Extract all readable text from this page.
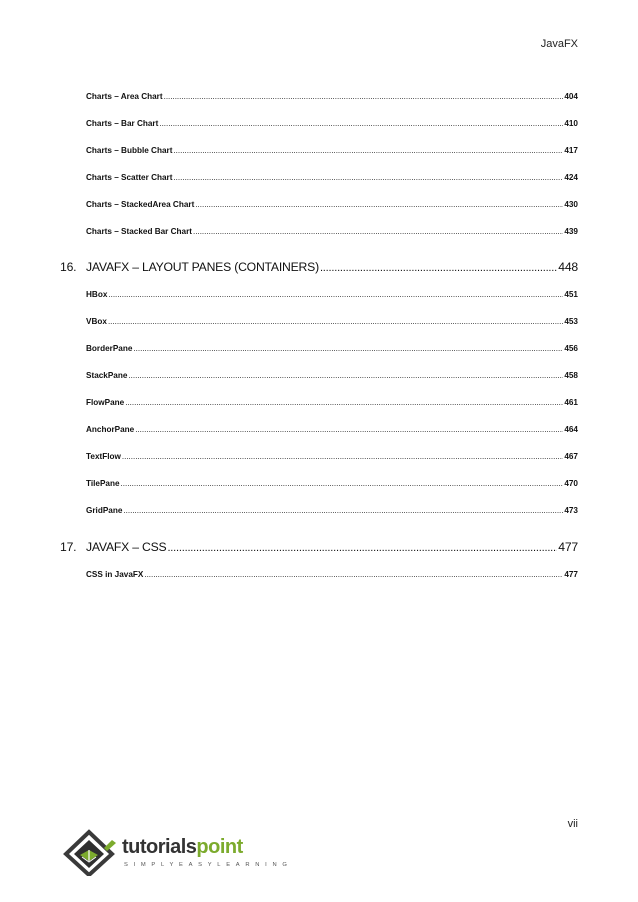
JavaFX
Charts – Area Chart .....	404
Charts – Bar Chart .....	410
Charts – Bubble Chart .....	417
Charts – Scatter Chart .....	424
Charts – StackedArea Chart .....	430
Charts – Stacked Bar Chart .....	439
16. JAVAFX – LAYOUT PANES (CONTAINERS) .....	448
HBox .....	451
VBox .....	453
BorderPane .....	456
StackPane .....	458
FlowPane .....	461
AnchorPane .....	464
TextFlow .....	467
TilePane .....	470
GridPane .....	473
17. JAVAFX – CSS .....	477
CSS in JavaFX .....	477
vii
tutorialspoint
SIMPLYEASYLEARNING
